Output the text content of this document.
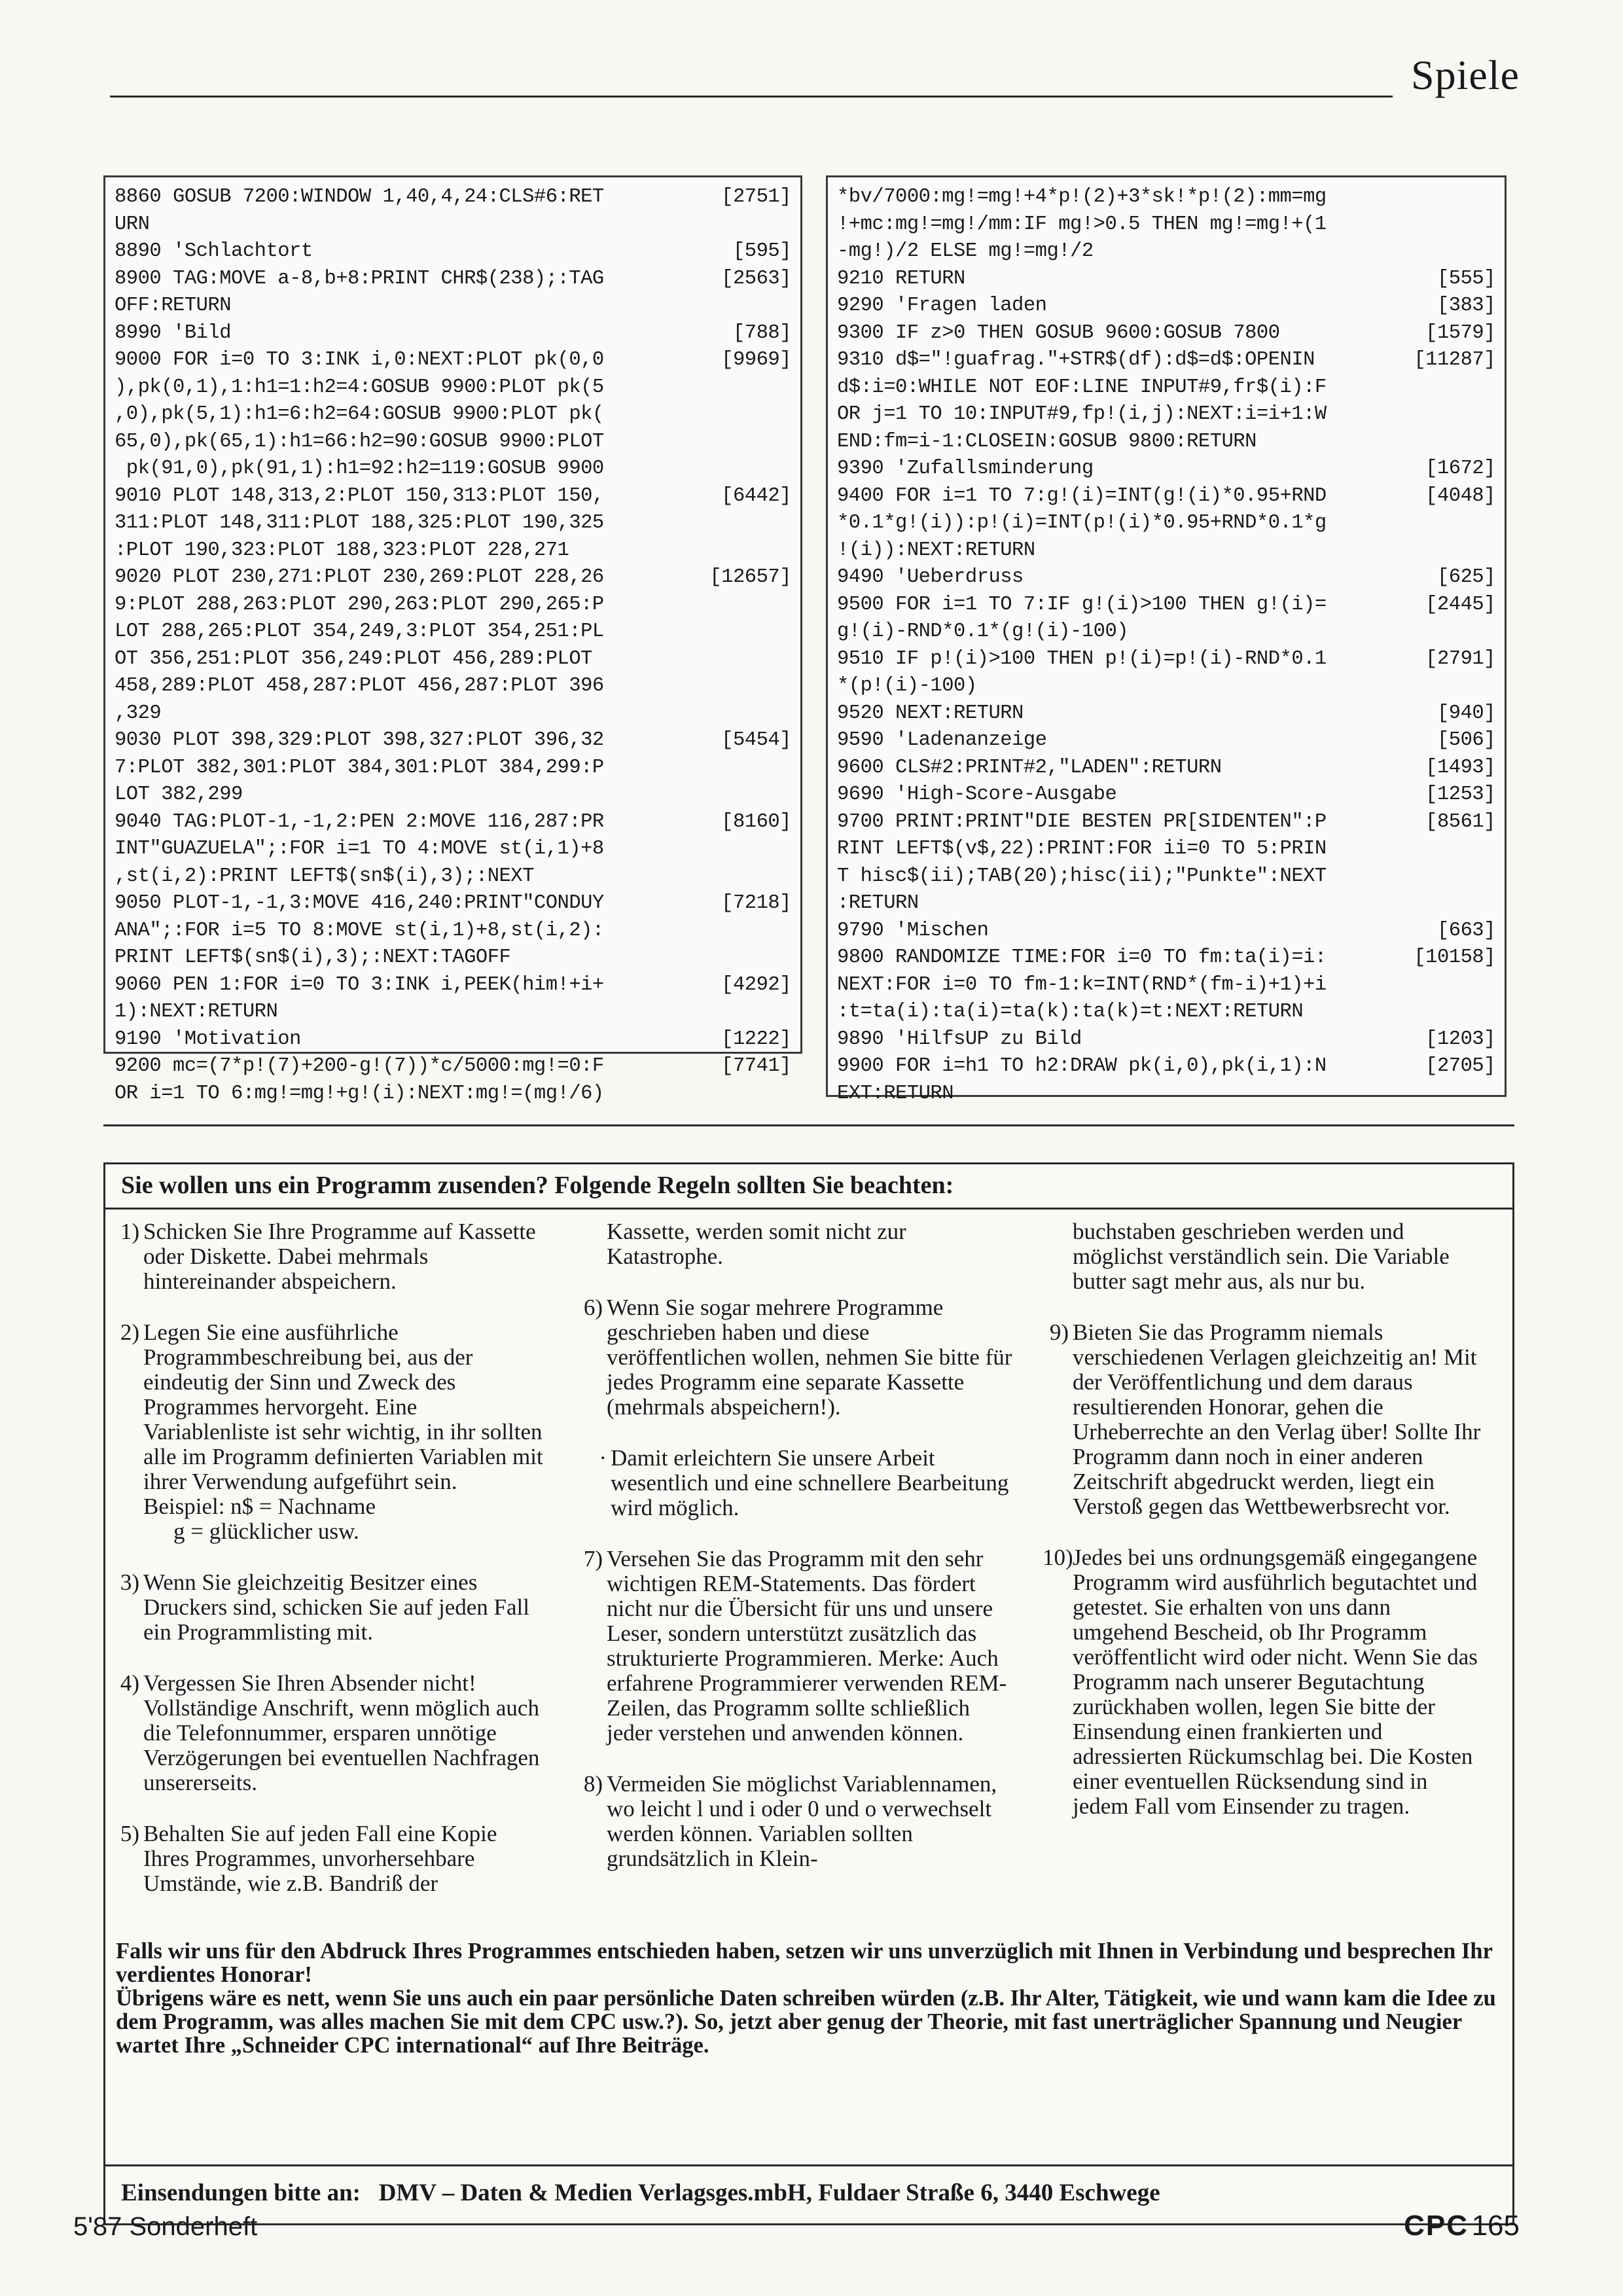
Spiele
8860 GOSUB 7200:WINDOW 1,40,4,24:CLS#6:RET	[2751]
URN
8890 'Schlachtort	[595]
8900 TAG:MOVE a-8,b+8:PRINT CHR$(238);:TAG	[2563]
OFF:RETURN
8990 'Bild	[788]
9000 FOR i=0 TO 3:INK i,0:NEXT:PLOT pk(0,0	[9969]
),pk(0,1),1:h1=1:h2=4:GOSUB 9900:PLOT pk(5
,0),pk(5,1):h1=6:h2=64:GOSUB 9900:PLOT pk(
65,0),pk(65,1):h1=66:h2=90:GOSUB 9900:PLOT
pk(91,0),pk(91,1):h1=92:h2=119:GOSUB 9900
9010 PLOT 148,313,2:PLOT 150,313:PLOT 150,	[6442]
311:PLOT 148,311:PLOT 188,325:PLOT 190,325
:PLOT 190,323:PLOT 188,323:PLOT 228,271
9020 PLOT 230,271:PLOT 230,269:PLOT 228,26	[12657]
9:PLOT 288,263:PLOT 290,263:PLOT 290,265:P
LOT 288,265:PLOT 354,249,3:PLOT 354,251:PL
OT 356,251:PLOT 356,249:PLOT 456,289:PLOT
458,289:PLOT 458,287:PLOT 456,287:PLOT 396
,329
9030 PLOT 398,329:PLOT 398,327:PLOT 396,32	[5454]
7:PLOT 382,301:PLOT 384,301:PLOT 384,299:P
LOT 382,299
9040 TAG:PLOT-1,-1,2:PEN 2:MOVE 116,287:PR	[8160]
INT"GUAZUELA";:FOR i=1 TO 4:MOVE st(i,1)+8
,st(i,2):PRINT LEFT$(sn$(i),3);:NEXT
9050 PLOT-1,-1,3:MOVE 416,240:PRINT"CONDUY	[7218]
ANA";:FOR i=5 TO 8:MOVE st(i,1)+8,st(i,2):
PRINT LEFT$(sn$(i),3);:NEXT:TAGOFF
9060 PEN 1:FOR i=0 TO 3:INK i,PEEK(him!+i+	[4292]
1):NEXT:RETURN
9190 'Motivation	[1222]
9200 mc=(7*p!(7)+200-g!(7))*c/5000:mg!=0:F	[7741]
OR i=1 TO 6:mg!=mg!+g!(i):NEXT:mg!=(mg!/6)
*bv/7000:mg!=mg!+4*p!(2)+3*sk!*p!(2):mm=mg
!+mc:mg!=mg!/mm:IF mg!>0.5 THEN mg!=mg!+(1
-mg!)/2 ELSE mg!=mg!/2
9210 RETURN	[555]
9290 'Fragen laden	[383]
9300 IF z>0 THEN GOSUB 9600:GOSUB 7800	[1579]
9310 d$="!guafrag."+STR$(df):d$=d$:OPENIN	[11287]
d$:i=0:WHILE NOT EOF:LINE INPUT#9,fr$(i):F
OR j=1 TO 10:INPUT#9,fp!(i,j):NEXT:i=i+1:W
END:fm=i-1:CLOSEIN:GOSUB 9800:RETURN
9390 'Zufallsminderung	[1672]
9400 FOR i=1 TO 7:g!(i)=INT(g!(i)*0.95+RND	[4048]
*0.1*g!(i)):p!(i)=INT(p!(i)*0.95+RND*0.1*g
!(i)):NEXT:RETURN
9490 'Ueberdruss	[625]
9500 FOR i=1 TO 7:IF g!(i)>100 THEN g!(i)=	[2445]
g!(i)-RND*0.1*(g!(i)-100)
9510 IF p!(i)>100 THEN p!(i)=p!(i)-RND*0.1	[2791]
*(p!(i)-100)
9520 NEXT:RETURN	[940]
9590 'Ladenanzeige	[506]
9600 CLS#2:PRINT#2,"LADEN":RETURN	[1493]
9690 'High-Score-Ausgabe	[1253]
9700 PRINT:PRINT"DIE BESTEN PR[SIDENTEN":P	[8561]
RINT LEFT$(v$,22):PRINT:FOR ii=0 TO 5:PRIN
T hisc$(ii);TAB(20);hisc(ii);"Punkte":NEXT
:RETURN
9790 'Mischen	[663]
9800 RANDOMIZE TIME:FOR i=0 TO fm:ta(i)=i:	[10158]
NEXT:FOR i=0 TO fm-1:k=INT(RND*(fm-i)+1)+i
:t=ta(i):ta(i)=ta(k):ta(k)=t:NEXT:RETURN
9890 'HilfsUP zu Bild	[1203]
9900 FOR i=h1 TO h2:DRAW pk(i,0),pk(i,1):N	[2705]
EXT:RETURN
Sie wollen uns ein Programm zusenden? Folgende Regeln sollten Sie beachten:
1) Schicken Sie Ihre Programme auf Kassette oder Diskette. Dabei mehrmals hintereinander abspeichern.
2) Legen Sie eine ausführliche Programmbeschreibung bei, aus der eindeutig der Sinn und Zweck des Programmes hervorgeht. Eine Variablenliste ist sehr wichtig, in ihr sollten alle im Programm definierten Variablen mit ihrer Verwendung aufgeführt sein.
Beispiel: n$ = Nachname
g = glücklicher usw.
3) Wenn Sie gleichzeitig Besitzer eines Druckers sind, schicken Sie auf jeden Fall ein Programmlisting mit.
4) Vergessen Sie Ihren Absender nicht! Vollständige Anschrift, wenn möglich auch die Telefonnummer, ersparen unnötige Verzögerungen bei eventuellen Nachfragen unsererseits.
5) Behalten Sie auf jeden Fall eine Kopie Ihres Programmes, unvorhersehbare Umstände, wie z.B. Bandriß der
Kassette, werden somit nicht zur Katastrophe.
6) Wenn Sie sogar mehrere Programme geschrieben haben und diese veröffentlichen wollen, nehmen Sie bitte für jedes Programm eine separate Kassette (mehrmals abspeichern!).
· Damit erleichtern Sie unsere Arbeit wesentlich und eine schnellere Bearbeitung wird möglich.
7) Versehen Sie das Programm mit den sehr wichtigen REM-Statements. Das fördert nicht nur die Übersicht für uns und unsere Leser, sondern unterstützt zusätzlich das strukturierte Programmieren. Merke: Auch erfahrene Programmierer verwenden REM-Zeilen, das Programm sollte schließlich jeder verstehen und anwenden können.
8) Vermeiden Sie möglichst Variablennamen, wo leicht l und i oder 0 und o verwechselt werden können. Variablen sollten grundsätzlich in Klein-
buchstaben geschrieben werden und möglichst verständlich sein. Die Variable butter sagt mehr aus, als nur bu.
9) Bieten Sie das Programm niemals verschiedenen Verlagen gleichzeitig an! Mit der Veröffentlichung und dem daraus resultierenden Honorar, gehen die Urheberrechte an den Verlag über! Sollte Ihr Programm dann noch in einer anderen Zeitschrift abgedruckt werden, liegt ein Verstoß gegen das Wettbewerbsrecht vor.
10) Jedes bei uns ordnungsgemäß eingegangene Programm wird ausführlich begutachtet und getestet. Sie erhalten von uns dann umgehend Bescheid, ob Ihr Programm veröffentlicht wird oder nicht. Wenn Sie das Programm nach unserer Begutachtung zurückhaben wollen, legen Sie bitte der Einsendung einen frankierten und adressierten Rückumschlag bei. Die Kosten einer eventuellen Rücksendung sind in jedem Fall vom Einsender zu tragen.

Falls wir uns für den Abdruck Ihres Programmes entschieden haben, setzen wir uns unverzüglich mit Ihnen in Verbindung und besprechen Ihr verdientes Honorar!

Übrigens wäre es nett, wenn Sie uns auch ein paar persönliche Daten schreiben würden (z.B. Ihr Alter, Tätigkeit, wie und wann kam die Idee zu dem Programm, was alles machen Sie mit dem CPC usw.?). So, jetzt aber genug der Theorie, mit fast unerträglicher Spannung und Neugier wartet Ihre „Schneider CPC international“ auf Ihre Beiträge.

Einsendungen bitte an: DMV – Daten & Medien Verlagsges.mbH, Fuldaer Straße 6, 3440 Eschwege
5'87 Sonderheft	CPC 165
